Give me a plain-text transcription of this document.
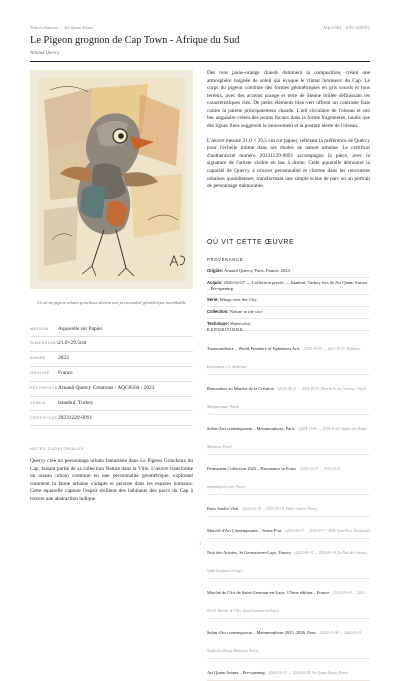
Notices d'œuvres — Art Quam Anima	AQC0504 · NTC-000102
Le Pigeon grognon de Cap Town - Afrique du Sud
Arnaud Quercy
Là où un pigeon urbain grincheux devient une personnalité géométrique inoubliable
MÉDIUM	Aquarelle sur Papier
DIMENSIONS
21.0×29.5cm
ANNÉE	2023
ORIGINE	France
RÉFÉRENCE Arnaud Quercy Creations / AQC0504 / 2023
VENDU	Istanbul, Turkey
CERTIFICAT 20231229-0091
NOTES CURATORIALES
Quercy crée un personnage urbain fantaisiste dans Le Pigeon Grincheux du Cap, faisant partie de sa collection Nature dans la Ville. L'œuvre transforme un oiseau urbain commun en une personnalité géométrique, explorant comment la faune urbaine s'adapte et persiste dans les espaces humains. Cette aquarelle capture l'esprit résilient des habitants des parcs du Cap à travers une abstraction ludique.

Des tons jaune-orange chauds dominent la composition, créant une atmosphère baignée de soleil qui évoque le climat lumineux du Cap. Le corps du pigeon combine des formes géométriques en gris sourds et tons terreux, avec des accents orange et terre de Sienne brûlée définissant les caractéristiques clés. De petits éléments bleu-vert offrent un contraste frais contre la palette principalement chaude. L'œil circulaire de l'oiseau et son bec angulaire créent des points focaux dans la forme fragmentée, tandis que des lignes fines suggèrent le mouvement et la posture alerte de l'oiseau.

L'œuvre mesure 21,0 × 29,5 cm sur papier, reflétant la préférence de Quercy pour l'échelle intime dans ses études de nature urbaine. Le certificat d'authenticité numéro 20231229-0091 accompagne la pièce, avec la signature de l'artiste visible en bas à droite. Cette aquarelle démontre la capacité de Quercy à trouver personnalité et charme dans les rencontres urbaines quotidiennes, transformant une simple scène de parc en un portrait de personnage mémorable.

OÙ VIT CETTE ŒUVRE
PROVENANCE
Origine: Arnaud Quercy, Paris, France, 2023
Acquis: 2026-02-07 — Collection privée — Istanbul, Turkey lors de Art Quam Anima – Pre-opening
Série: Wings over the City
Collection: Nature in the city
Technique: Watercolor
EXPOSITIONS
Transcendence – World Premiere of Ephemera Arts (2023-10-20 → 2023-10-31, Kolkhoze Ensemmrise's 5, Andlerna)
Rencontres au Marché de la Création (2024-04-21 → 2024-10-31, Marché de la Création – Paris Montparnasse, Paris)
Salon d'art contemporain – Metamorphose, Paris (2024-11-06 → 2024-11-09, Studio des Beaux Monsieur, Paris)
Permanent Collection 2025 – Resonance in Form (2025-01-01 → 2025-12-31, artmodepaeri.com, Paris)
Paris Studio Visit (2025-02-18 → 2025-02-19, Atelier Studio, Paris)
Marché d'Art Contemporain – Sense Port (2025-06-17 → 2025-07-17, MAC Sens-Port, Sourdeval)
Nuit des Artistes, St Germain-en-Laye, France (2025-09-14 → 2025-09-14, La Nuit des Artistes, Saint-Germain-en-Laye)
Marché de l'Art de Saint-Germain-en-Laye, 17ème édition – France (2025-09-14 → 2025-09-14, Marché de l'Art, Saint-Germain-en-Laye)
Salon d'art contemporain – Metamorphose 2025–2026, Paris (2025-11-06 → 2026-03-01, Studio des Beaux Monsieur, Paris)
Art Quam Anima – Pre-opening (2026-01-31 → 2026-02-28, Art Quam Anima, Paris)
1
